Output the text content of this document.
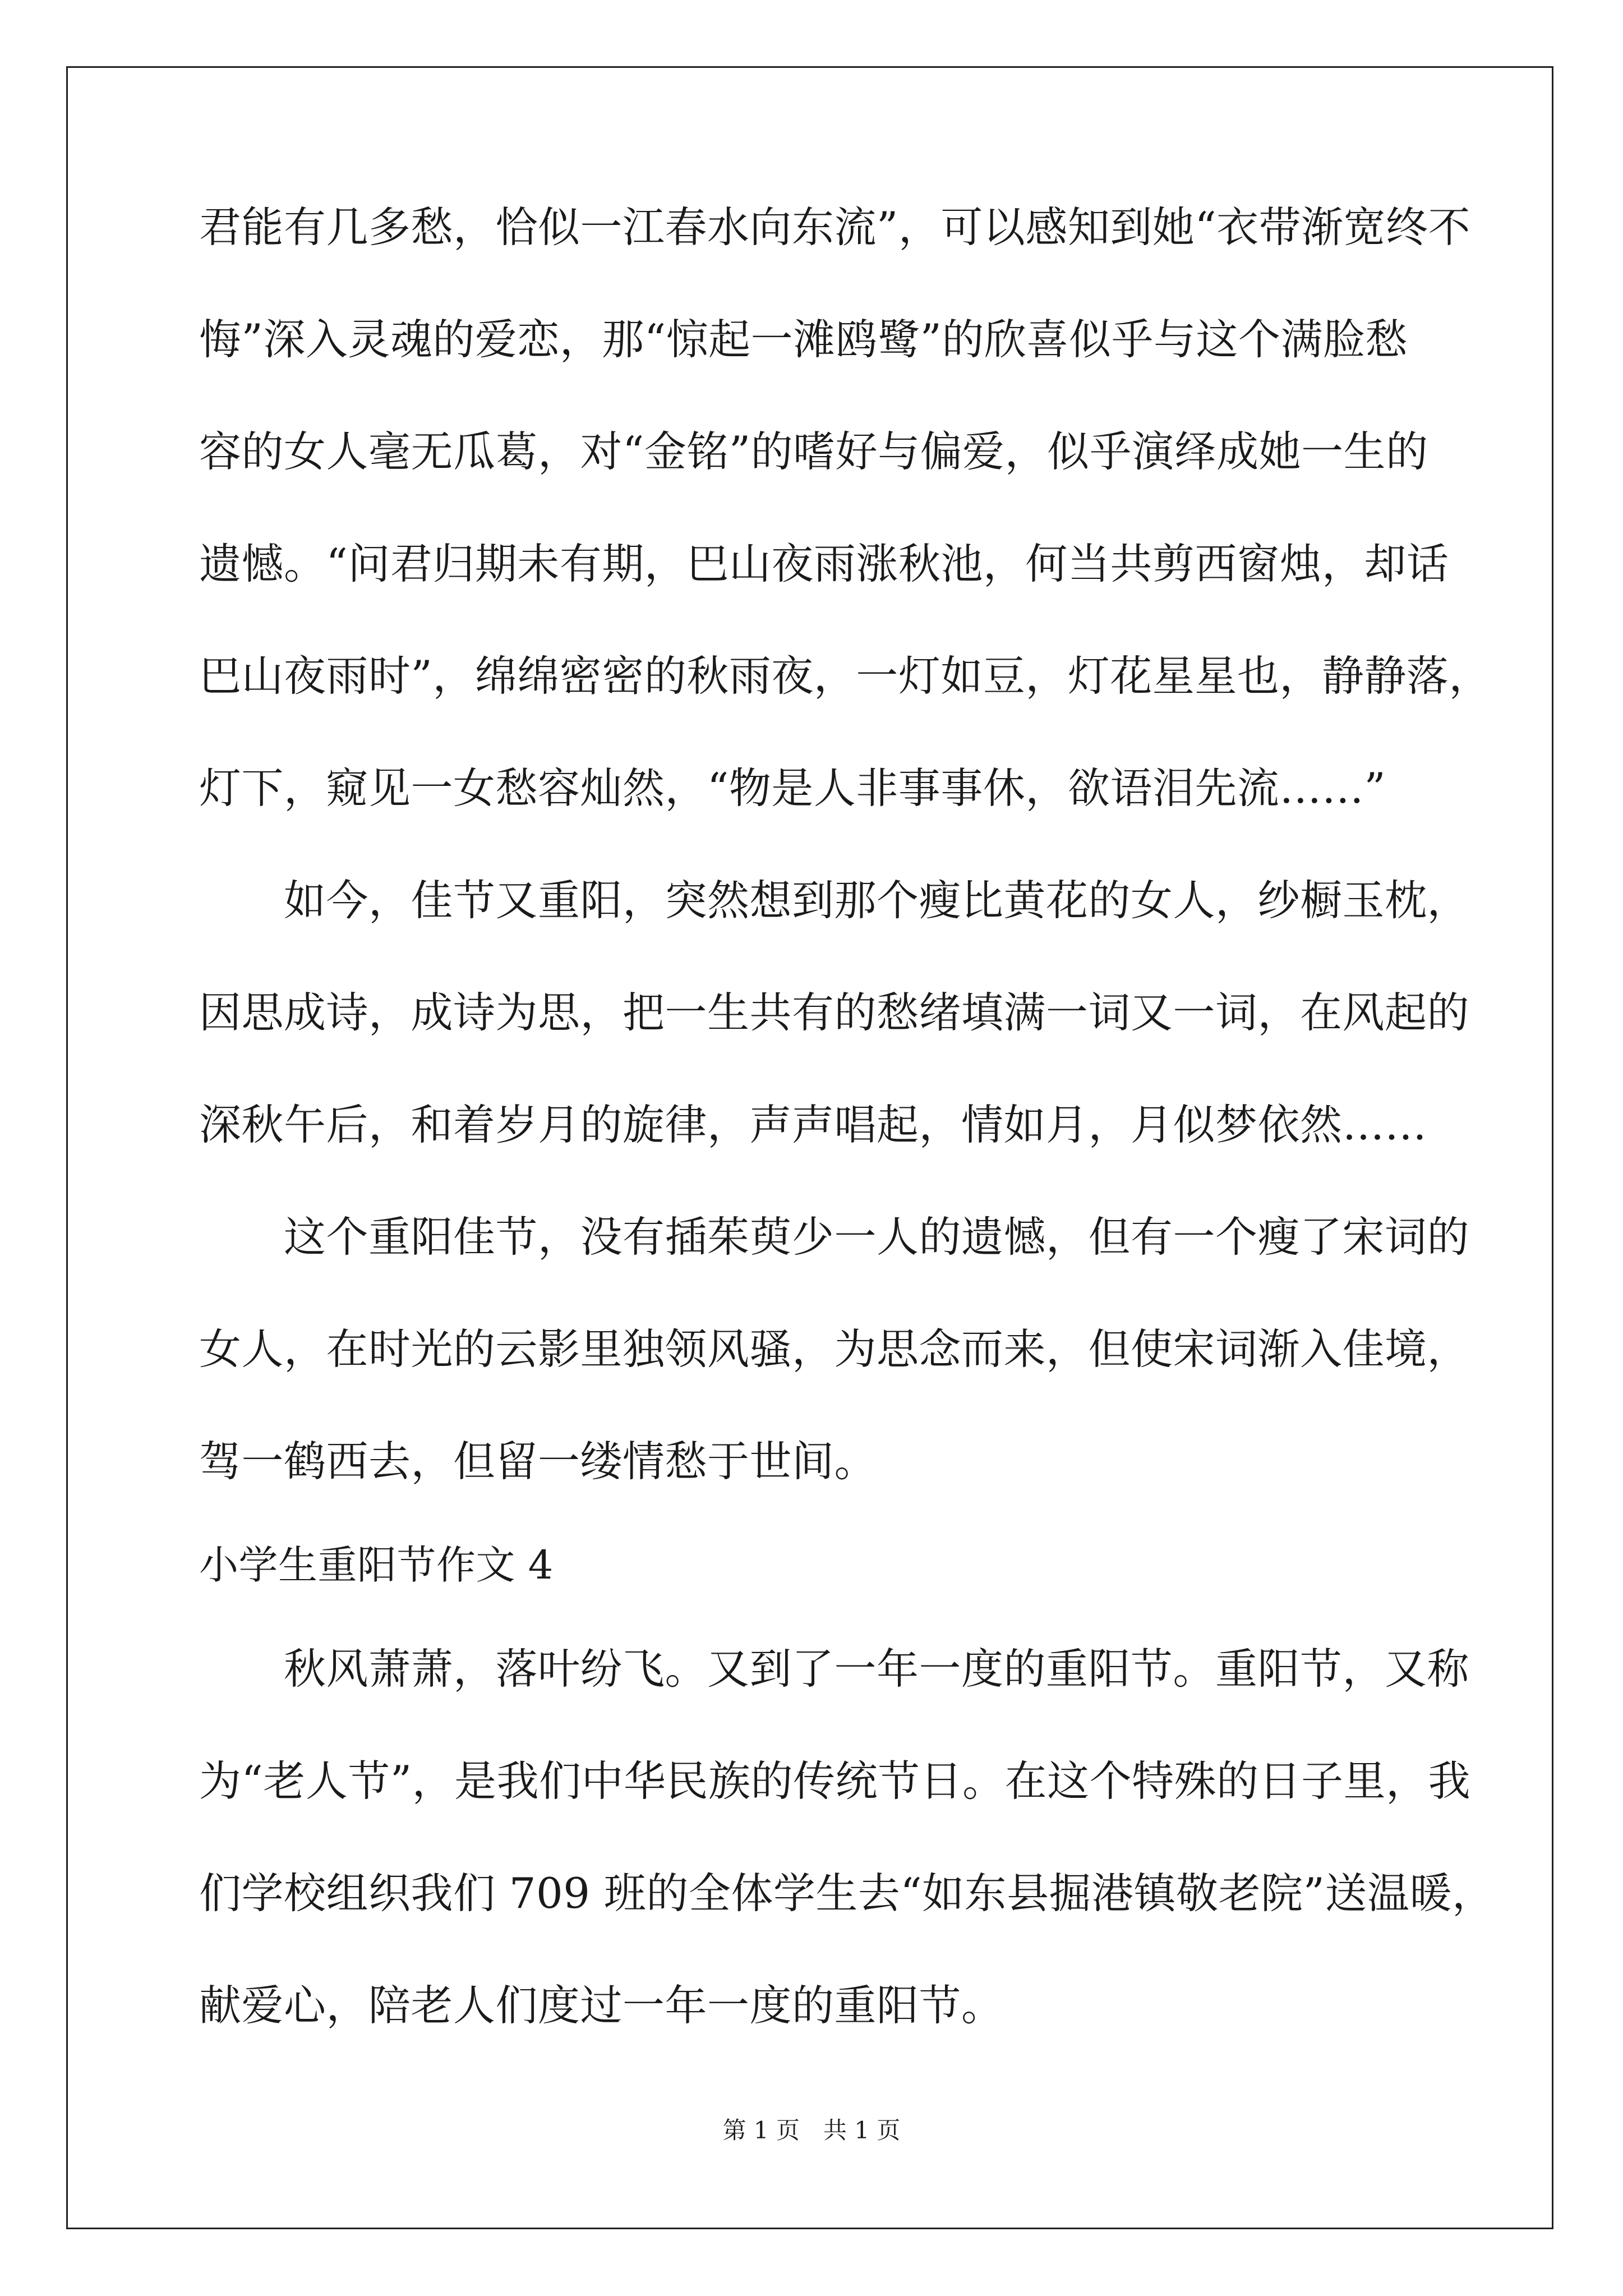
君能有几多愁，恰似一江春水向东流”，可以感知到她“衣带渐宽终不
悔”深入灵魂的爱恋，那“惊起一滩鸥鹭”的欣喜似乎与这个满脸愁
容的女人毫无瓜葛，对“金铭”的嗜好与偏爱，似乎演绎成她一生的
遗憾。“问君归期未有期，巴山夜雨涨秋池，何当共剪西窗烛，却话
巴山夜雨时”，绵绵密密的秋雨夜，一灯如豆，灯花星星也，静静落，
灯下，窥见一女愁容灿然，“物是人非事事休，欲语泪先流……”
　　如今，佳节又重阳，突然想到那个瘦比黄花的女人，纱橱玉枕，
因思成诗，成诗为思，把一生共有的愁绪填满一词又一词，在风起的
深秋午后，和着岁月的旋律，声声唱起，情如月，月似梦依然……
　　这个重阳佳节，没有插茱萸少一人的遗憾，但有一个瘦了宋词的
女人，在时光的云影里独领风骚，为思念而来，但使宋词渐入佳境，
驾一鹤西去，但留一缕情愁于世间。
小学生重阳节作文 4
　　秋风萧萧，落叶纷飞。又到了一年一度的重阳节。重阳节，又称
为“老人节”，是我们中华民族的传统节日。在这个特殊的日子里，我
们学校组织我们 709 班的全体学生去“如东县掘港镇敬老院”送温暖，
献爱心，陪老人们度过一年一度的重阳节。
第 1 页　共 1 页
